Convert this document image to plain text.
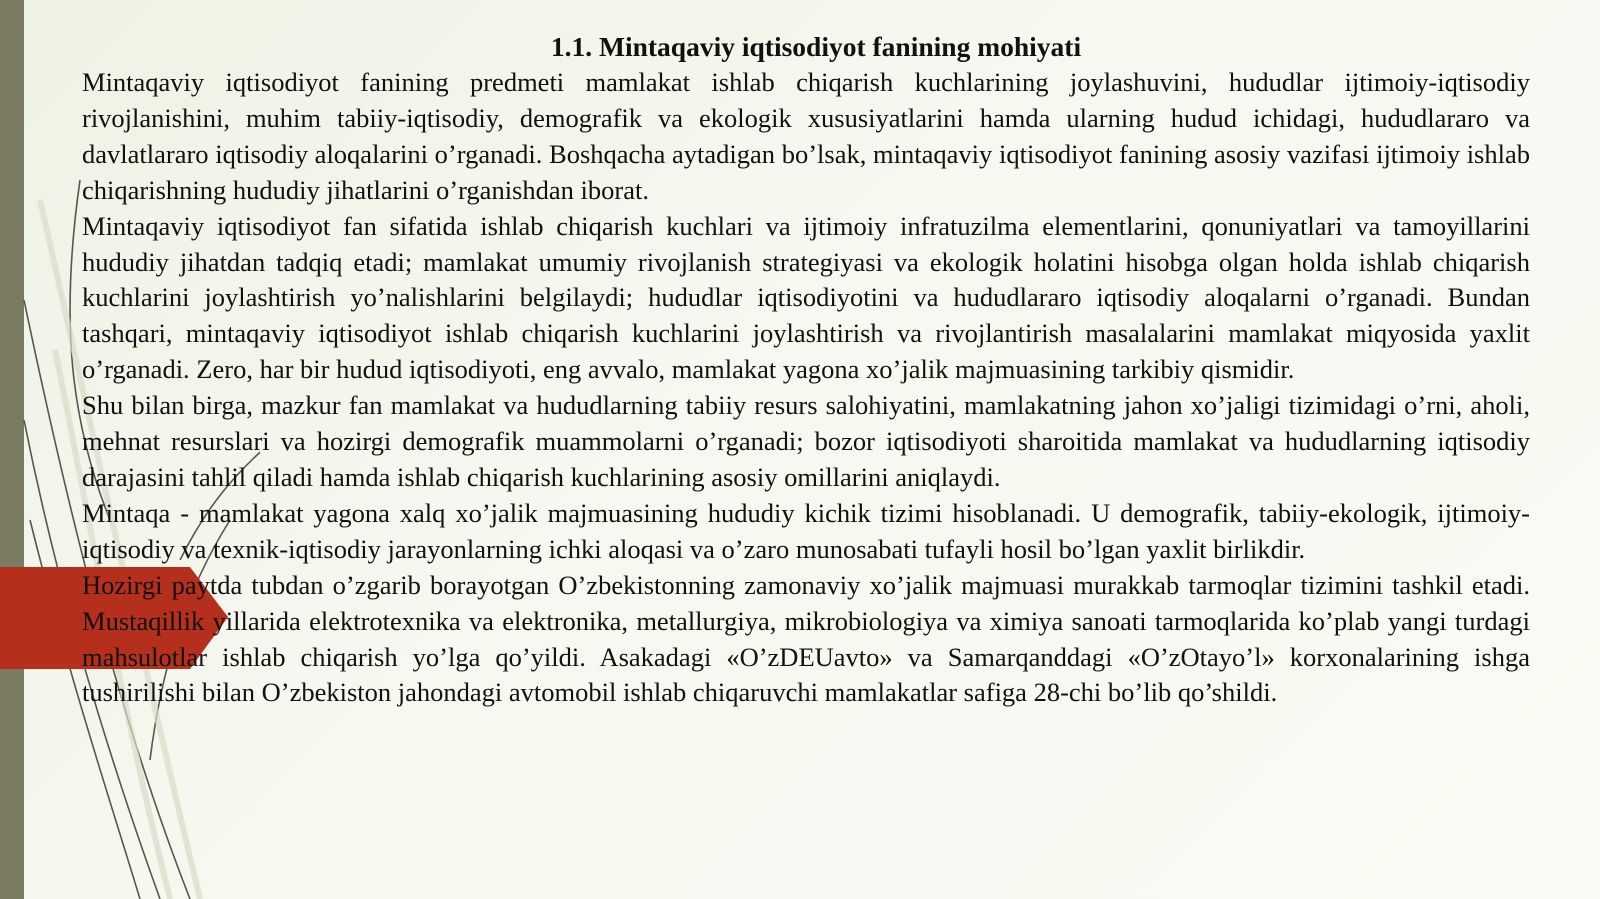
1.1. Mintaqaviy iqtisodiyot fanining mohiyati

Mintaqaviy iqtisodiyot fanining predmeti mamlakat ishlab chiqarish kuchlarining joylashuvini, hududlar ijtimoiy-iqtisodiy rivojlanishini, muhim tabiiy-iqtisodiy, demografik va ekologik xususiyatlarini hamda ularning hudud ichidagi, hududlararo va davlatlararo iqtisodiy aloqalarini o’rganadi. Boshqacha aytadigan bo’lsak, mintaqaviy iqtisodiyot fanining asosiy vazifasi ijtimoiy ishlab chiqarishning hududiy jihatlarini o’rganishdan iborat.

Mintaqaviy iqtisodiyot fan sifatida ishlab chiqarish kuchlari va ijtimoiy infratuzilma elementlarini, qonuniyatlari va tamoyillarini hududiy jihatdan tadqiq etadi; mamlakat umumiy rivojlanish strategiyasi va ekologik holatini hisobga olgan holda ishlab chiqarish kuchlarini joylashtirish yo’nalishlarini belgilaydi; hududlar iqtisodiyotini va hududlararo iqtisodiy aloqalarni o’rganadi. Bundan tashqari, mintaqaviy iqtisodiyot ishlab chiqarish kuchlarini joylashtirish va rivojlantirish masalalarini mamlakat miqyosida yaxlit o’rganadi. Zero, har bir hudud iqtisodiyoti, eng avvalo, mamlakat yagona xo’jalik majmuasining tarkibiy qismidir.

Shu bilan birga, mazkur fan mamlakat va hududlarning tabiiy resurs salohiyatini, mamlakatning jahon xo’jaligi tizimidagi o’rni, aholi, mehnat resurslari va hozirgi demografik muammolarni o’rganadi; bozor iqtisodiyoti sharoitida mamlakat va hududlarning iqtisodiy darajasini tahlil qiladi hamda ishlab chiqarish kuchlarining asosiy omillarini aniqlaydi.

Mintaqa - mamlakat yagona xalq xo’jalik majmuasining hududiy kichik tizimi hisoblanadi. U demografik, tabiiy-ekologik, ijtimoiy-iqtisodiy va texnik-iqtisodiy jarayonlarning ichki aloqasi va o’zaro munosabati tufayli hosil bo’lgan yaxlit birlikdir.

Hozirgi paytda tubdan o’zgarib borayotgan O’zbekistonning zamonaviy xo’jalik majmuasi murakkab tarmoqlar tizimini tashkil etadi. Mustaqillik yillarida elektrotexnika va elektronika, metallurgiya, mikrobiologiya va ximiya sanoati tarmoqlarida ko’plab yangi turdagi mahsulotlar ishlab chiqarish yo’lga qo’yildi. Asakadagi «O’zDEUavto» va Samarqanddagi «O’zOtayo’l» korxonalarining ishga tushirilishi bilan O’zbekiston jahondagi avtomobil ishlab chiqaruvchi mamlakatlar safiga 28-chi bo’lib qo’shildi.
